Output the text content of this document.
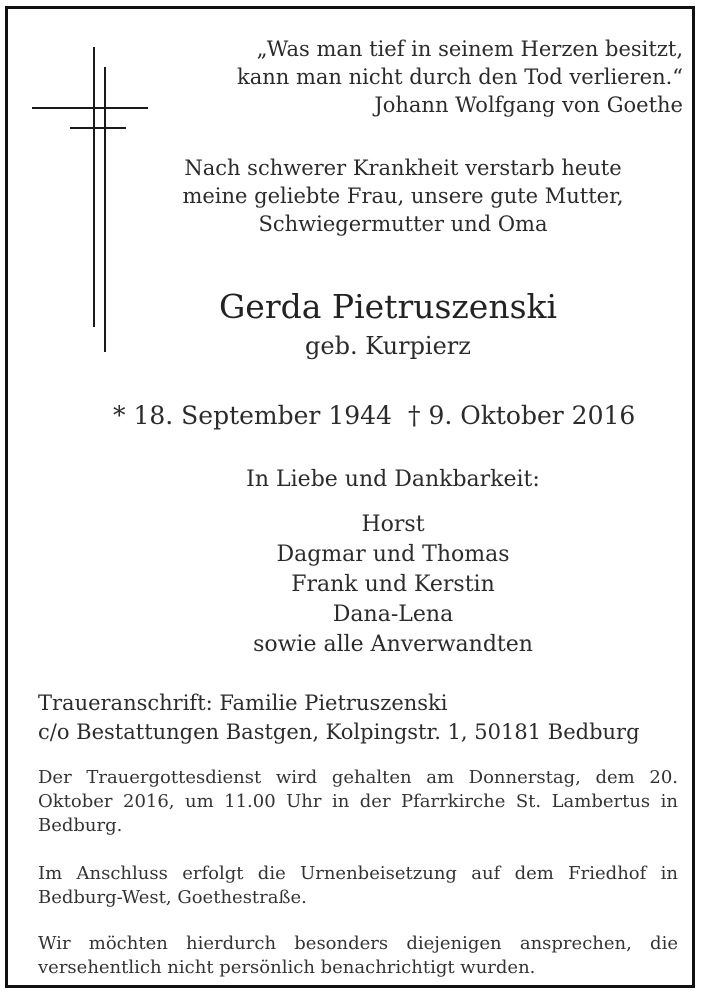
„Was man tief in seinem Herzen besitzt,
kann man nicht durch den Tod verlieren.“
Johann Wolfgang von Goethe
Nach schwerer Krankheit verstarb heute
meine geliebte Frau, unsere gute Mutter,
Schwiegermutter und Oma
Gerda Pietruszenski
geb. Kurpierz
* 18. September 1944 † 9. Oktober 2016
In Liebe und Dankbarkeit:
Horst
Dagmar und Thomas
Frank und Kerstin
Dana-Lena
sowie alle Anverwandten
Traueranschrift: Familie Pietruszenski
c/o Bestattungen Bastgen, Kolpingstr. 1, 50181 Bedburg
Der Trauergottesdienst wird gehalten am Donnerstag, dem 20. Oktober 2016, um 11.00 Uhr in der Pfarrkirche St. Lambertus in Bedburg.
Im Anschluss erfolgt die Urnenbeisetzung auf dem Friedhof in Bedburg-West, Goethestraße.
Wir möchten hierdurch besonders diejenigen ansprechen, die versehentlich nicht persönlich benachrichtigt wurden.
